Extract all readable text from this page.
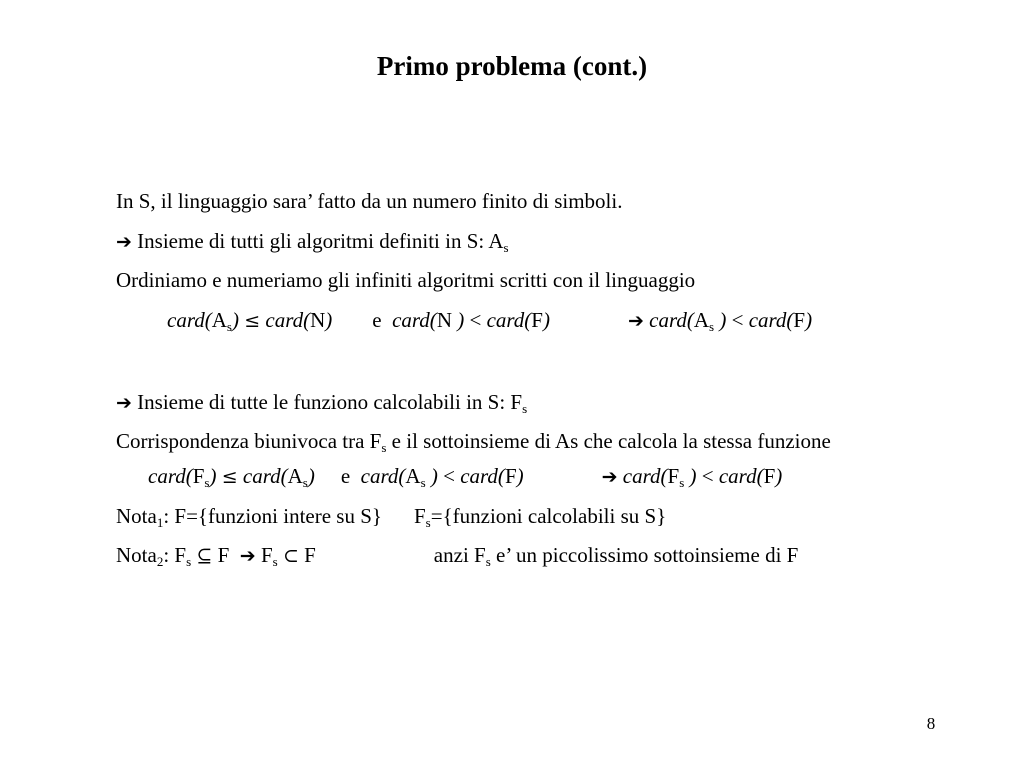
Primo problema (cont.)
In S, il linguaggio sara’ fatto da un numero finito di simboli.
➔ Insieme di tutti gli algoritmi definiti in S: $A_s$
Ordiniamo e numeriamo gli infiniti algoritmi scritti con il linguaggio
$card(A_s)$ ≤ card(N) e card(N ) < card(F)	➔ $card(A_s$ ) < card(F)
➔ Insieme di tutte le funziono calcolabili in S: $F_s$
Corrispondenza biunivoca tra $F_s$ e il sottoinsieme di As che calcola la stessa funzione
$card(F_s)$ ≤ $card(A_s)$ e $card(A_s$ ) < card(F)	➔ $card(F_s$ ) < card(F)
Nota$_1$: F={funzioni intere su S} $F_s=\{funzioni$ calcolabili su S}
Nota$_2$: $F_s$ ⊆ F ➔ $F_s$ ⊂ F	anzi $F_s$ e’ un piccolissimo sottoinsieme di F
8
